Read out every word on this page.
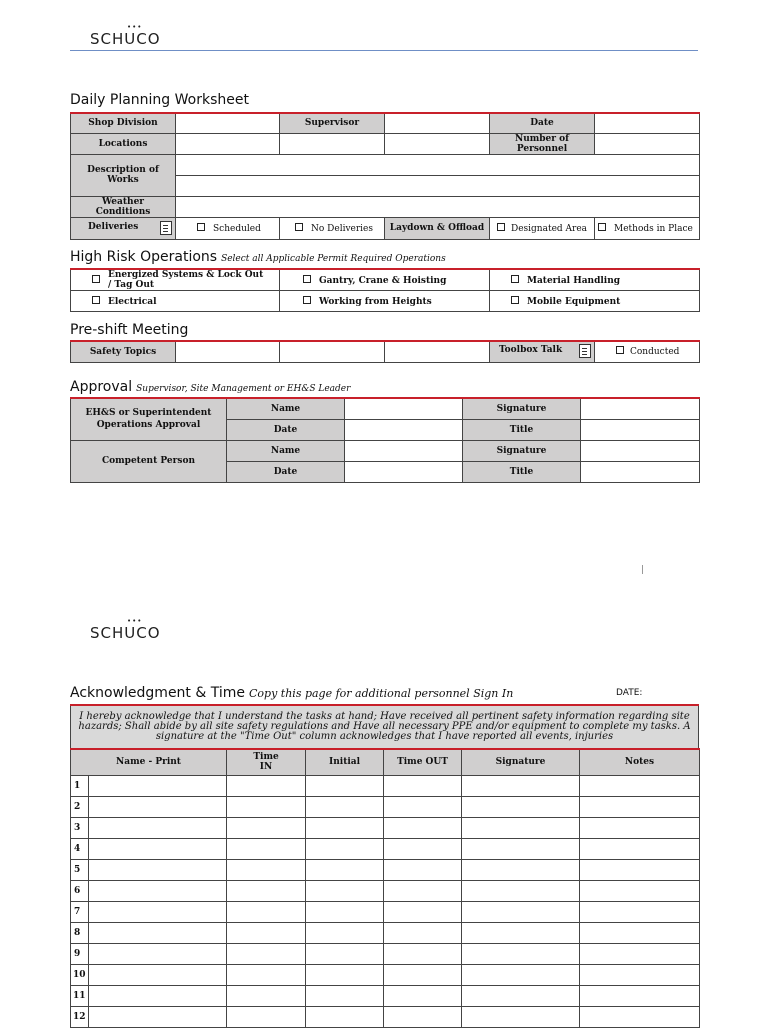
•••
SCHUCO
Daily Planning Worksheet
Shop Division		Supervisor		Date	
Locations				Number of Personnel	
Description of Works					

Weather Conditions					
Deliveries	Scheduled	No Deliveries	Laydown & Offload	Designated Area	Methods in Place
High Risk Operations Select all Applicable Permit Required Operations
Energized Systems & Lock Out / Tag Out	Gantry, Crane & Hoisting	Material Handling
Electrical	Working from Heights	Mobile Equipment
Pre-shift Meeting
Safety Topics				Toolbox Talk	Conducted
Approval Supervisor, Site Management or EH&S Leader
EH&S or Superintendent Operations Approval	Name		Signature	
	Date		Title	
Competent Person	Name		Signature	
	Date		Title	
•••
SCHUCO
Acknowledgment & Time Copy this page for additional personnel Sign In	DATE:
I hereby acknowledge that I understand the tasks at hand; Have received all pertinent safety information regarding site hazards; Shall abide by all site safety regulations and Have all necessary PPE and/or equipment to complete my tasks. A signature at the "Time Out" column acknowledges that I have reported all events, injuries
Name - Print		Time IN	Initial	Time OUT	Signature	Notes
1						
2						
3						
4						
5						
6						
7						
8						
9						
10						
11						
12						
